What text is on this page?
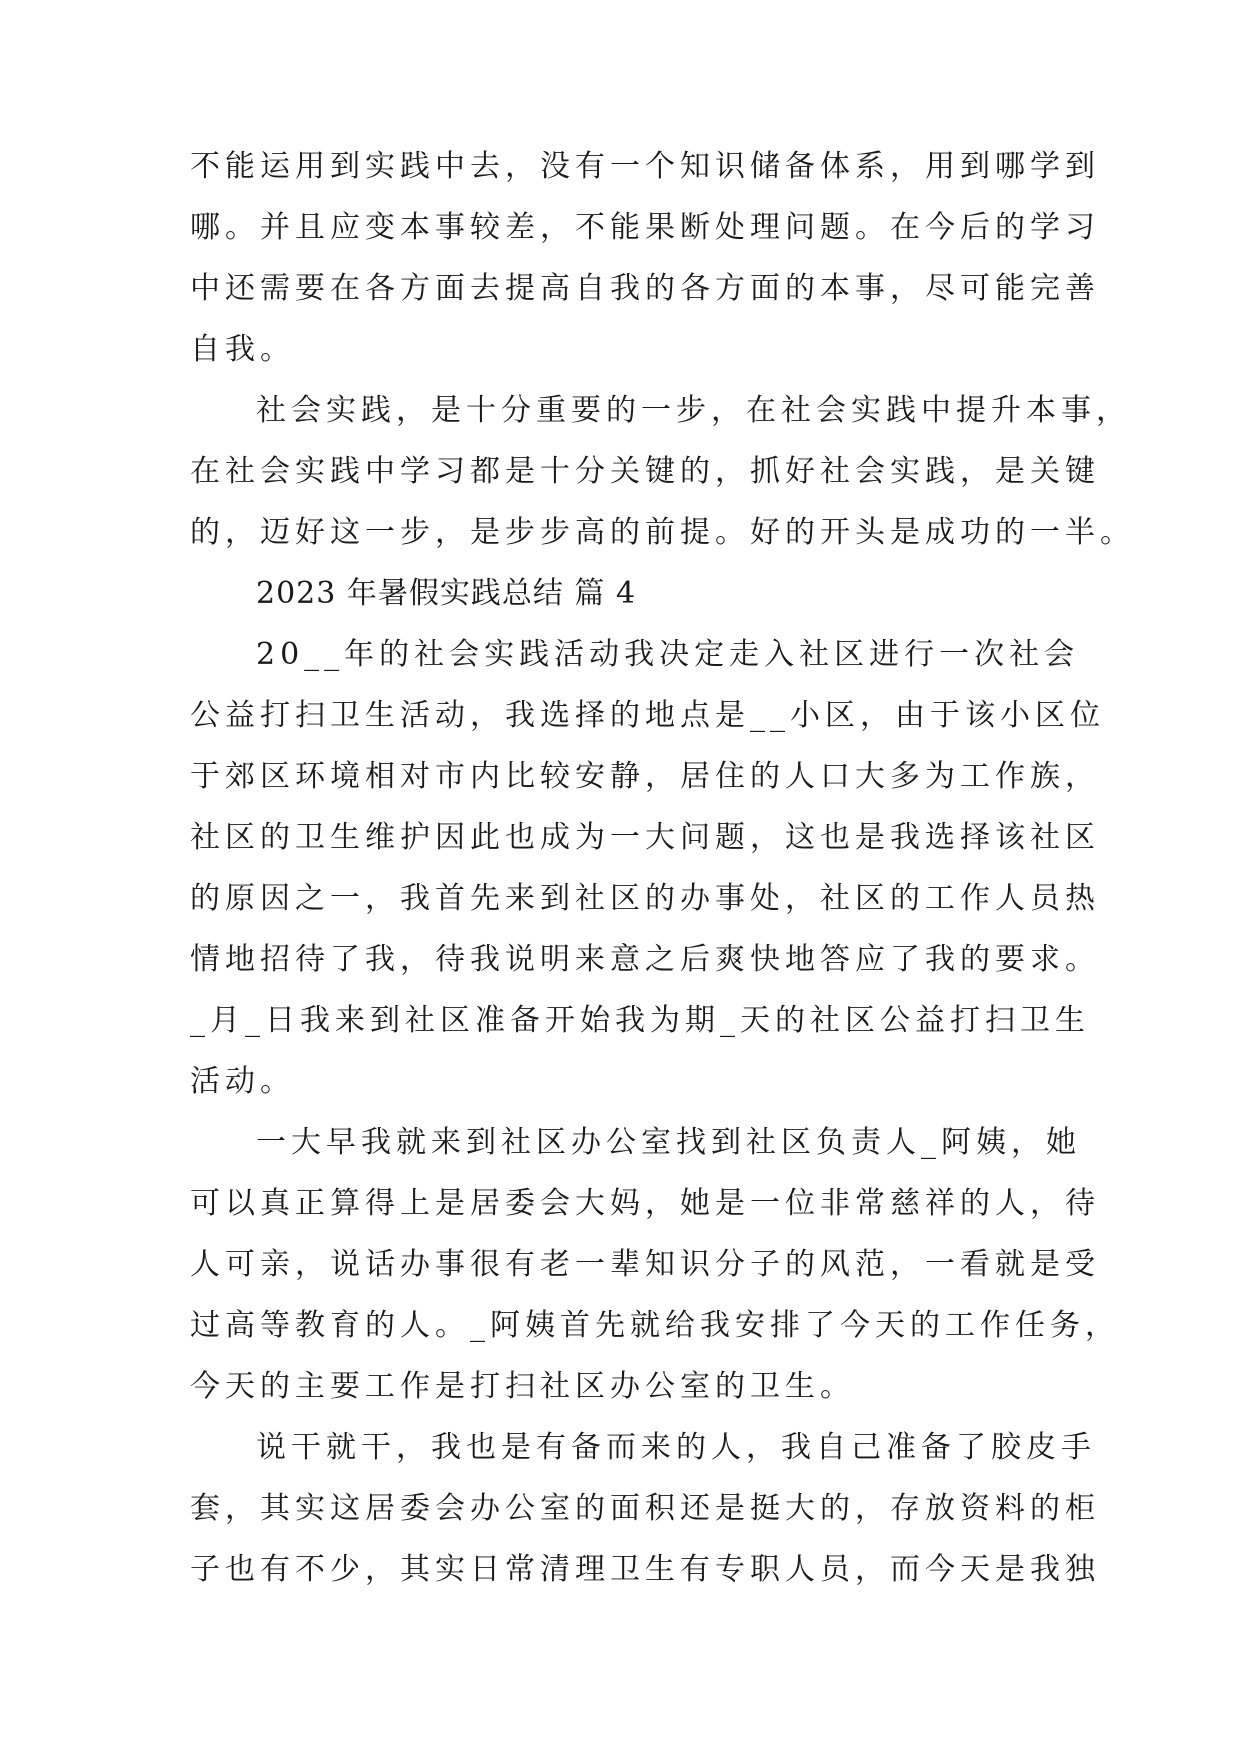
不能运用到实践中去，没有一个知识储备体系，用到哪学到
哪。并且应变本事较差，不能果断处理问题。在今后的学习
中还需要在各方面去提高自我的各方面的本事，尽可能完善
自我。
社会实践，是十分重要的一步，在社会实践中提升本事，
在社会实践中学习都是十分关键的，抓好社会实践，是关键
的，迈好这一步，是步步高的前提。好的开头是成功的一半。
2023 年暑假实践总结 篇 4
20__年的社会实践活动我决定走入社区进行一次社会
公益打扫卫生活动，我选择的地点是__小区，由于该小区位
于郊区环境相对市内比较安静，居住的人口大多为工作族，
社区的卫生维护因此也成为一大问题，这也是我选择该社区
的原因之一，我首先来到社区的办事处，社区的工作人员热
情地招待了我，待我说明来意之后爽快地答应了我的要求。
_月_日我来到社区准备开始我为期_天的社区公益打扫卫生
活动。
一大早我就来到社区办公室找到社区负责人_阿姨，她
可以真正算得上是居委会大妈，她是一位非常慈祥的人，待
人可亲，说话办事很有老一辈知识分子的风范，一看就是受
过高等教育的人。_阿姨首先就给我安排了今天的工作任务，
今天的主要工作是打扫社区办公室的卫生。
说干就干，我也是有备而来的人，我自己准备了胶皮手
套，其实这居委会办公室的面积还是挺大的，存放资料的柜
子也有不少，其实日常清理卫生有专职人员，而今天是我独
